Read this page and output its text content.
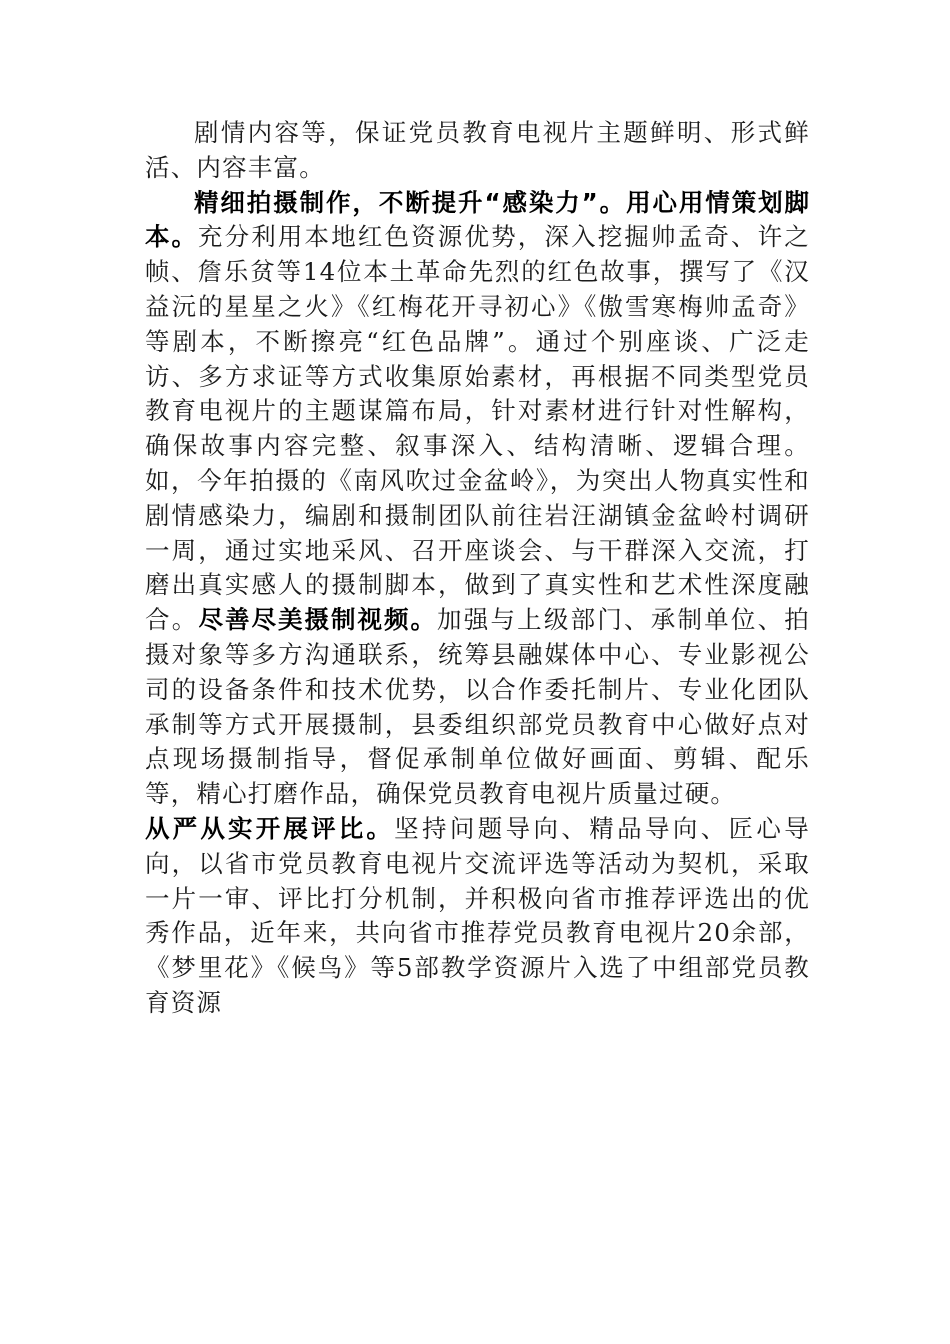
剧情内容等，保证党员教育电视片主题鲜明、形式鲜活、内容丰富。

精细拍摄制作，不断提升“感染力”。用心用情策划脚本。充分利用本地红色资源优势，深入挖掘帅孟奇、许之帧、詹乐贫等14位本土革命先烈的红色故事，撰写了《汉益沅的星星之火》《红梅花开寻初心》《傲雪寒梅帅孟奇》等剧本，不断擦亮“红色品牌”。通过个别座谈、广泛走访、多方求证等方式收集原始素材，再根据不同类型党员教育电视片的主题谋篇布局，针对素材进行针对性解构，确保故事内容完整、叙事深入、结构清晰、逻辑合理。如，今年拍摄的《南风吹过金盆岭》，为突出人物真实性和剧情感染力，编剧和摄制团队前往岩汪湖镇金盆岭村调研一周，通过实地采风、召开座谈会、与干群深入交流，打磨出真实感人的摄制脚本，做到了真实性和艺术性深度融合。尽善尽美摄制视频。加强与上级部门、承制单位、拍摄对象等多方沟通联系，统筹县融媒体中心、专业影视公司的设备条件和技术优势，以合作委托制片、专业化团队承制等方式开展摄制，县委组织部党员教育中心做好点对点现场摄制指导，督促承制单位做好画面、剪辑、配乐等，精心打磨作品，确保党员教育电视片质量过硬。
从严从实开展评比。坚持问题导向、精品导向、匠心导向，以省市党员教育电视片交流评选等活动为契机，采取一片一审、评比打分机制，并积极向省市推荐评选出的优秀作品，近年来，共向省市推荐党员教育电视片20余部，《梦里花》《候鸟》等5部教学资源片入选了中组部党员教育资源
